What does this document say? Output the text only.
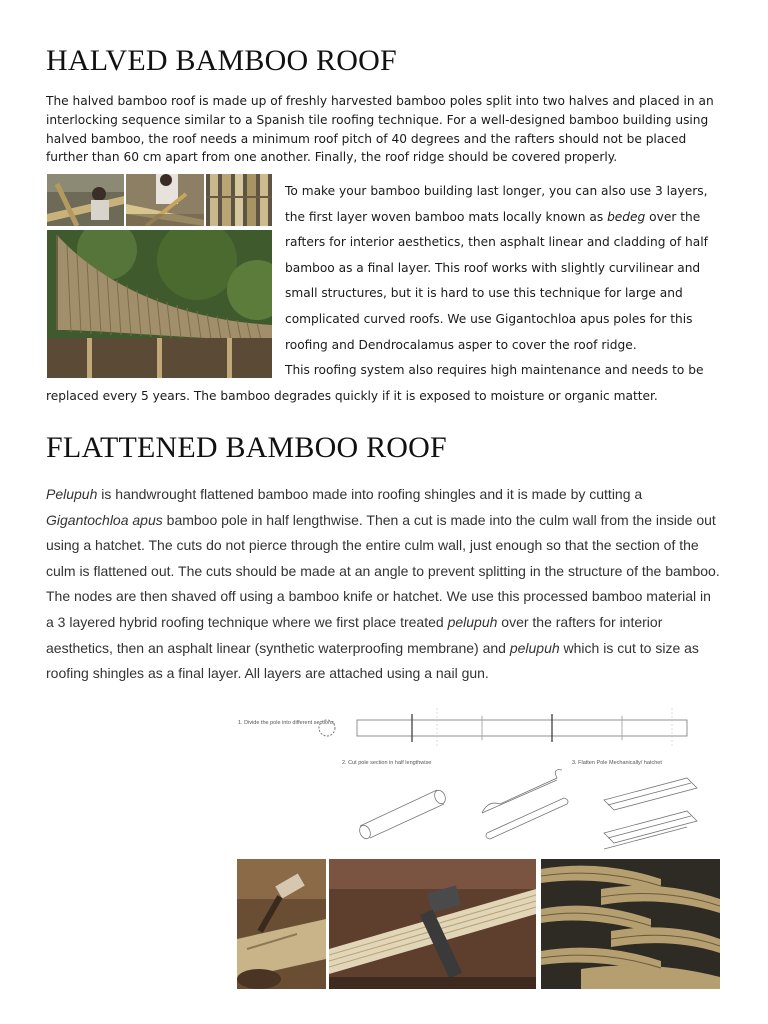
HALVED BAMBOO ROOF

The halved bamboo roof is made up of freshly harvested bamboo poles split into two halves and placed in an interlocking sequence similar to a Spanish tile roofing technique. For a well-designed bamboo building using halved bamboo, the roof needs a minimum roof pitch of 40 degrees and the rafters should not be placed further than 60 cm apart from one another. Finally, the roof ridge should be covered properly.

To make your bamboo building last longer, you can also use 3 layers, the first layer woven bamboo mats locally known as bedeg over the rafters for interior aesthetics, then asphalt linear and cladding of half bamboo as a final layer. This roof works with slightly curvilinear and small structures, but it is hard to use this technique for large and complicated curved roofs. We use Gigantochloa apus poles for this roofing and Dendrocalamus asper to cover the roof ridge.

This roofing system also requires high maintenance and needs to be

replaced every 5 years. The bamboo degrades quickly if it is exposed to moisture or organic matter.

FLATTENED BAMBOO ROOF

Pelupuh is handwrought flattened bamboo made into roofing shingles and it is made by cutting a Gigantochloa apus bamboo pole in half lengthwise. Then a cut is made into the culm wall from the inside out using a hatchet. The cuts do not pierce through the entire culm wall, just enough so that the section of the culm is flattened out. The cuts should be made at an angle to prevent splitting in the structure of the bamboo. The nodes are then shaved off using a bamboo knife or hatchet. We use this processed bamboo material in a 3 layered hybrid roofing technique where we first place treated pelupuh over the rafters for interior aesthetics, then an asphalt linear (synthetic waterproofing membrane) and pelupuh which is cut to size as roofing shingles as a final layer. All layers are attached using a nail gun.

1. Divide the pole into different sections.
2. Cut pole section in half lengthwise	3. Flatten Pole Mechanically/ hatchet
